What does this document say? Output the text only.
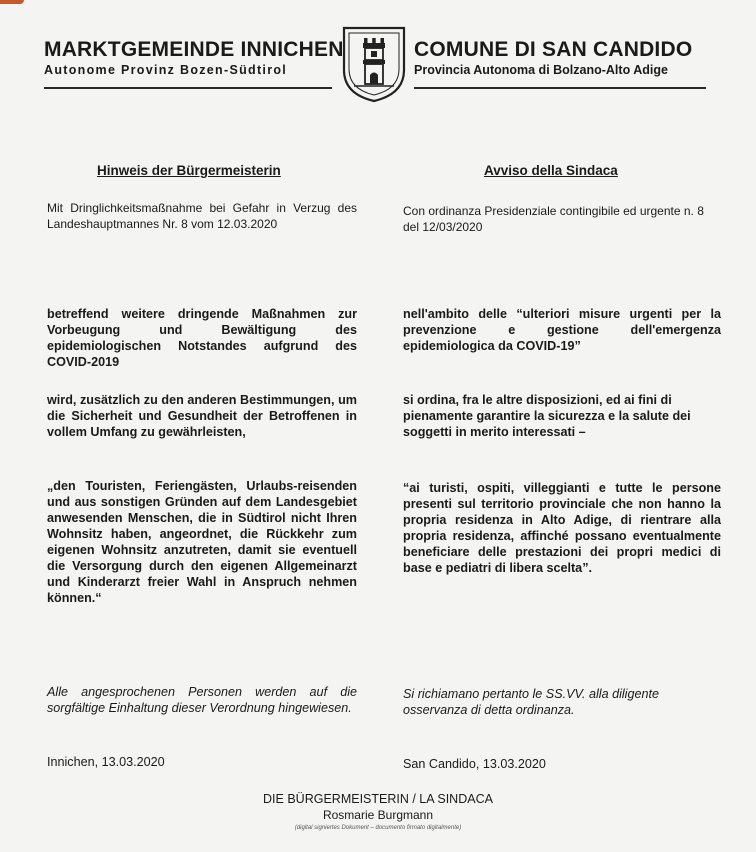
MARKTGEMEINDE INNICHEN
Autonome Provinz Bozen-Südtirol
COMUNE DI SAN CANDIDO
Provincia Autonoma di Bolzano-Alto Adige
Hinweis der Bürgermeisterin	Avviso della Sindaca
Mit Dringlichkeitsmaßnahme bei Gefahr in Verzug des Landeshauptmannes Nr. 8 vom 12.03.2020
betreffend weitere dringende Maßnahmen zur Vorbeugung und Bewältigung des epidemiologischen Notstandes aufgrund des COVID-2019
wird, zusätzlich zu den anderen Bestimmungen, um die Sicherheit und Gesundheit der Betroffenen in vollem Umfang zu gewährleisten,
„den Touristen, Feriengästen, Urlaubs-reisenden und aus sonstigen Gründen auf dem Landesgebiet anwesenden Menschen, die in Südtirol nicht Ihren Wohnsitz haben, angeordnet, die Rückkehr zum eigenen Wohnsitz anzutreten, damit sie eventuell die Versorgung durch den eigenen Allgemeinarzt und Kinderarzt freier Wahl in Anspruch nehmen können.“
Alle angesprochenen Personen werden auf die sorgfältige Einhaltung dieser Verordnung hingewiesen.
Innichen, 13.03.2020
Con ordinanza Presidenziale contingibile ed urgente n. 8 del 12/03/2020
nell'ambito delle “ulteriori misure urgenti per la prevenzione e gestione dell'emergenza epidemiologica da COVID-19”
si ordina, fra le altre disposizioni, ed ai fini di pienamente garantire la sicurezza e la salute dei soggetti in merito interessati –
“ai turisti, ospiti, villeggianti e tutte le persone presenti sul territorio provinciale che non hanno la propria residenza in Alto Adige, di rientrare alla propria residenza, affinché possano eventualmente beneficiare delle prestazioni dei propri medici di base e pediatri di libera scelta”.
Si richiamano pertanto le SS.VV. alla diligente osservanza di detta ordinanza.
San Candido, 13.03.2020
DIE BÜRGERMEISTERIN / LA SINDACA
Rosmarie Burgmann
(digital signiertes Dokument – documento firmato digitalmente)
